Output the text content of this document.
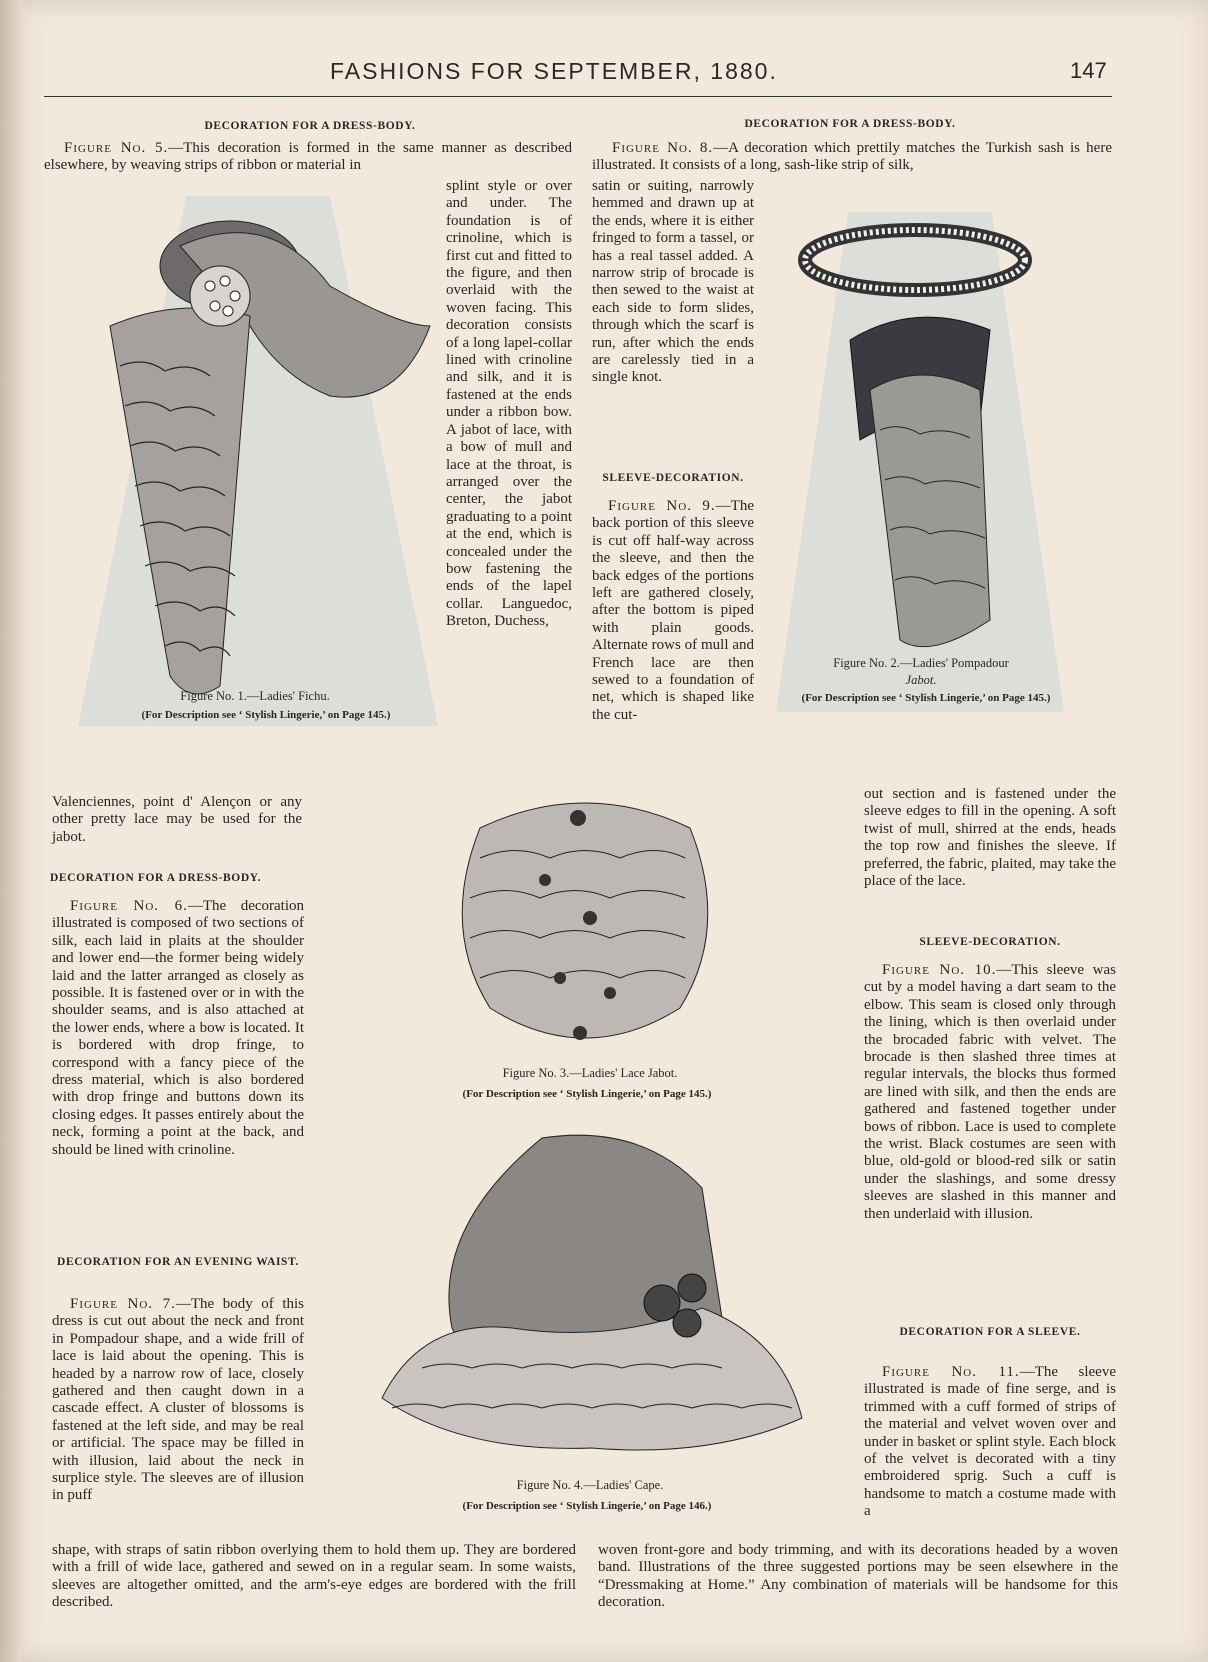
FASHIONS FOR SEPTEMBER, 1880.	147
DECORATION FOR A DRESS-BODY.
Figure No. 5.—This decoration is formed in the same manner as described elsewhere, by weaving strips of ribbon or material in
splint style or over and under. The foundation is of crinoline, which is first cut and fitted to the figure, and then overlaid with the woven facing. This decoration consists of a long lapel-collar lined with crinoline and silk, and it is fastened at the ends under a ribbon bow. A jabot of lace, with a bow of mull and lace at the throat, is arranged over the center, the jabot graduating to a point at the end, which is concealed under the bow fastening the ends of the lapel collar. Languedoc, Breton, Duchess,
DECORATION FOR A DRESS-BODY.
Figure No. 8.—A decoration which prettily matches the Turkish sash is here illustrated. It consists of a long, sash-like strip of silk,
satin or suiting, narrowly hemmed and drawn up at the ends, where it is either fringed to form a tassel, or has a real tassel added. A narrow strip of brocade is then sewed to the waist at each side to form slides, through which the scarf is run, after which the ends are carelessly tied in a single knot.
SLEEVE-DECORATION.
Figure No. 9.—The back portion of this sleeve is cut off half-way across the sleeve, and then the back edges of the portions left are gathered closely, after the bottom is piped with plain goods. Alternate rows of mull and French lace are then sewed to a foundation of net, which is shaped like the cut-
Figure No. 1.—Ladies' Fichu.
(For Description see ‘ Stylish Lingerie,’ on Page 145.)
Figure No. 2.—Ladies' Pompadour
Jabot.
(For Description see ‘ Stylish Lingerie,’ on Page 145.)
Valenciennes, point d' Alençon or any other pretty lace may be used for the jabot.
DECORATION FOR A DRESS-BODY.
Figure No. 6.—The decoration illustrated is composed of two sections of silk, each laid in plaits at the shoulder and lower end—the former being widely laid and the latter arranged as closely as possible. It is fastened over or in with the shoulder seams, and is also attached at the lower ends, where a bow is located. It is bordered with drop fringe, to correspond with a fancy piece of the dress material, which is also bordered with drop fringe and buttons down its closing edges. It passes entirely about the neck, forming a point at the back, and should be lined with crinoline.
DECORATION FOR AN EVENING WAIST.
Figure No. 7.—The body of this dress is cut out about the neck and front in Pompadour shape, and a wide frill of lace is laid about the opening. This is headed by a narrow row of lace, closely gathered and then caught down in a cascade effect. A cluster of blossoms is fastened at the left side, and may be real or artificial. The space may be filled in with illusion, laid about the neck in surplice style. The sleeves are of illusion in puff
shape, with straps of satin ribbon overlying them to hold them up. They are bordered with a frill of wide lace, gathered and sewed on in a regular seam. In some waists, sleeves are altogether omitted, and the arm's-eye edges are bordered with the frill described.
Figure No. 3.—Ladies' Lace Jabot.
(For Description see ‘ Stylish Lingerie,’ on Page 145.)
Figure No. 4.—Ladies' Cape.
(For Description see ‘ Stylish Lingerie,’ on Page 146.)
out section and is fastened under the sleeve edges to fill in the opening. A soft twist of mull, shirred at the ends, heads the top row and finishes the sleeve. If preferred, the fabric, plaited, may take the place of the lace.
SLEEVE-DECORATION.
Figure No. 10.—This sleeve was cut by a model having a dart seam to the elbow. This seam is closed only through the lining, which is then overlaid under the brocaded fabric with velvet. The brocade is then slashed three times at regular intervals, the blocks thus formed are lined with silk, and then the ends are gathered and fastened together under bows of ribbon. Lace is used to complete the wrist. Black costumes are seen with blue, old-gold or blood-red silk or satin under the slashings, and some dressy sleeves are slashed in this manner and then underlaid with illusion.
DECORATION FOR A SLEEVE.
Figure No. 11.—The sleeve illustrated is made of fine serge, and is trimmed with a cuff formed of strips of the material and velvet woven over and under in basket or splint style. Each block of the velvet is decorated with a tiny embroidered sprig. Such a cuff is handsome to match a costume made with a
woven front-gore and body trimming, and with its decorations headed by a woven band. Illustrations of the three suggested portions may be seen elsewhere in the “Dressmaking at Home.” Any combination of materials will be handsome for this decoration.
